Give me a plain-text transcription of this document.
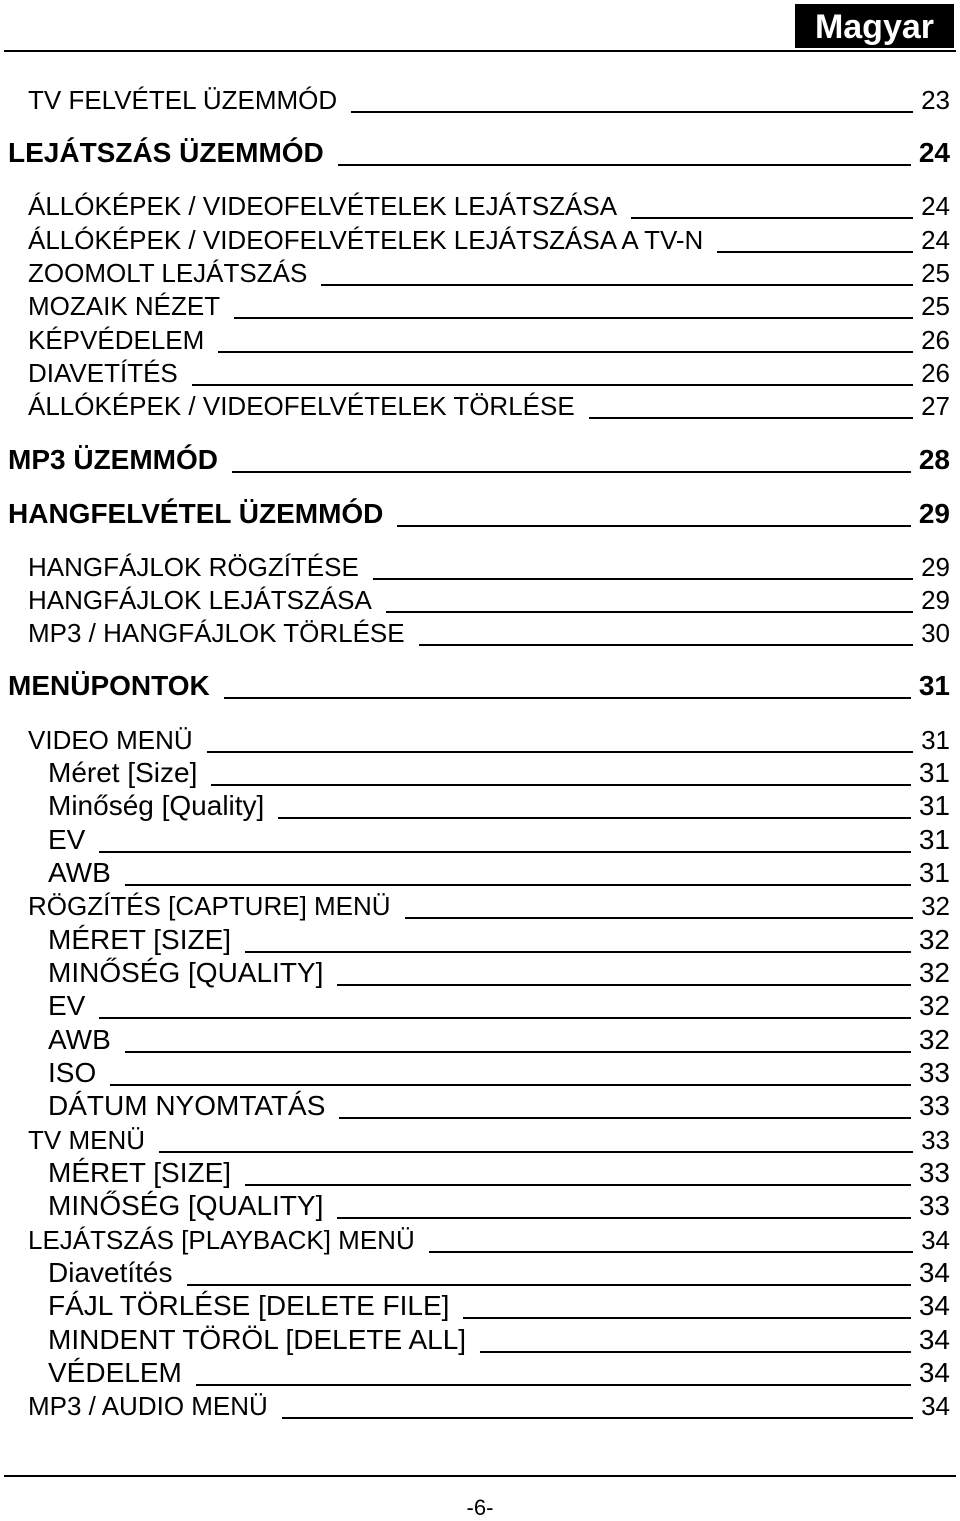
Magyar
TV FELVÉTEL ÜZEMMÓD	23
LEJÁTSZÁS ÜZEMMÓD	24
ÁLLÓKÉPEK / VIDEOFELVÉTELEK LEJÁTSZÁSA	24
ÁLLÓKÉPEK / VIDEOFELVÉTELEK LEJÁTSZÁSA A TV-N	24
ZOOMOLT LEJÁTSZÁS	25
MOZAIK NÉZET	25
KÉPVÉDELEM	26
DIAVETÍTÉS	26
ÁLLÓKÉPEK / VIDEOFELVÉTELEK TÖRLÉSE	27
MP3 ÜZEMMÓD	28
HANGFELVÉTEL ÜZEMMÓD	29
HANGFÁJLOK RÖGZÍTÉSE	29
HANGFÁJLOK LEJÁTSZÁSA	29
MP3 / HANGFÁJLOK TÖRLÉSE	30
MENÜPONTOK	31
VIDEO MENÜ	31
Méret [Size]	31
Minőség [Quality]	31
EV	31
AWB	31
RÖGZÍTÉS [CAPTURE] MENÜ	32
MÉRET [SIZE]	32
MINŐSÉG [QUALITY]	32
EV	32
AWB	32
ISO	33
DÁTUM NYOMTATÁS	33
TV MENÜ	33
MÉRET [SIZE]	33
MINŐSÉG [QUALITY]	33
LEJÁTSZÁS [PLAYBACK] MENÜ	34
Diavetítés	34
FÁJL TÖRLÉSE [DELETE FILE]	34
MINDENT TÖRÖL [DELETE ALL]	34
VÉDELEM	34
MP3 / AUDIO MENÜ	34
-6-
